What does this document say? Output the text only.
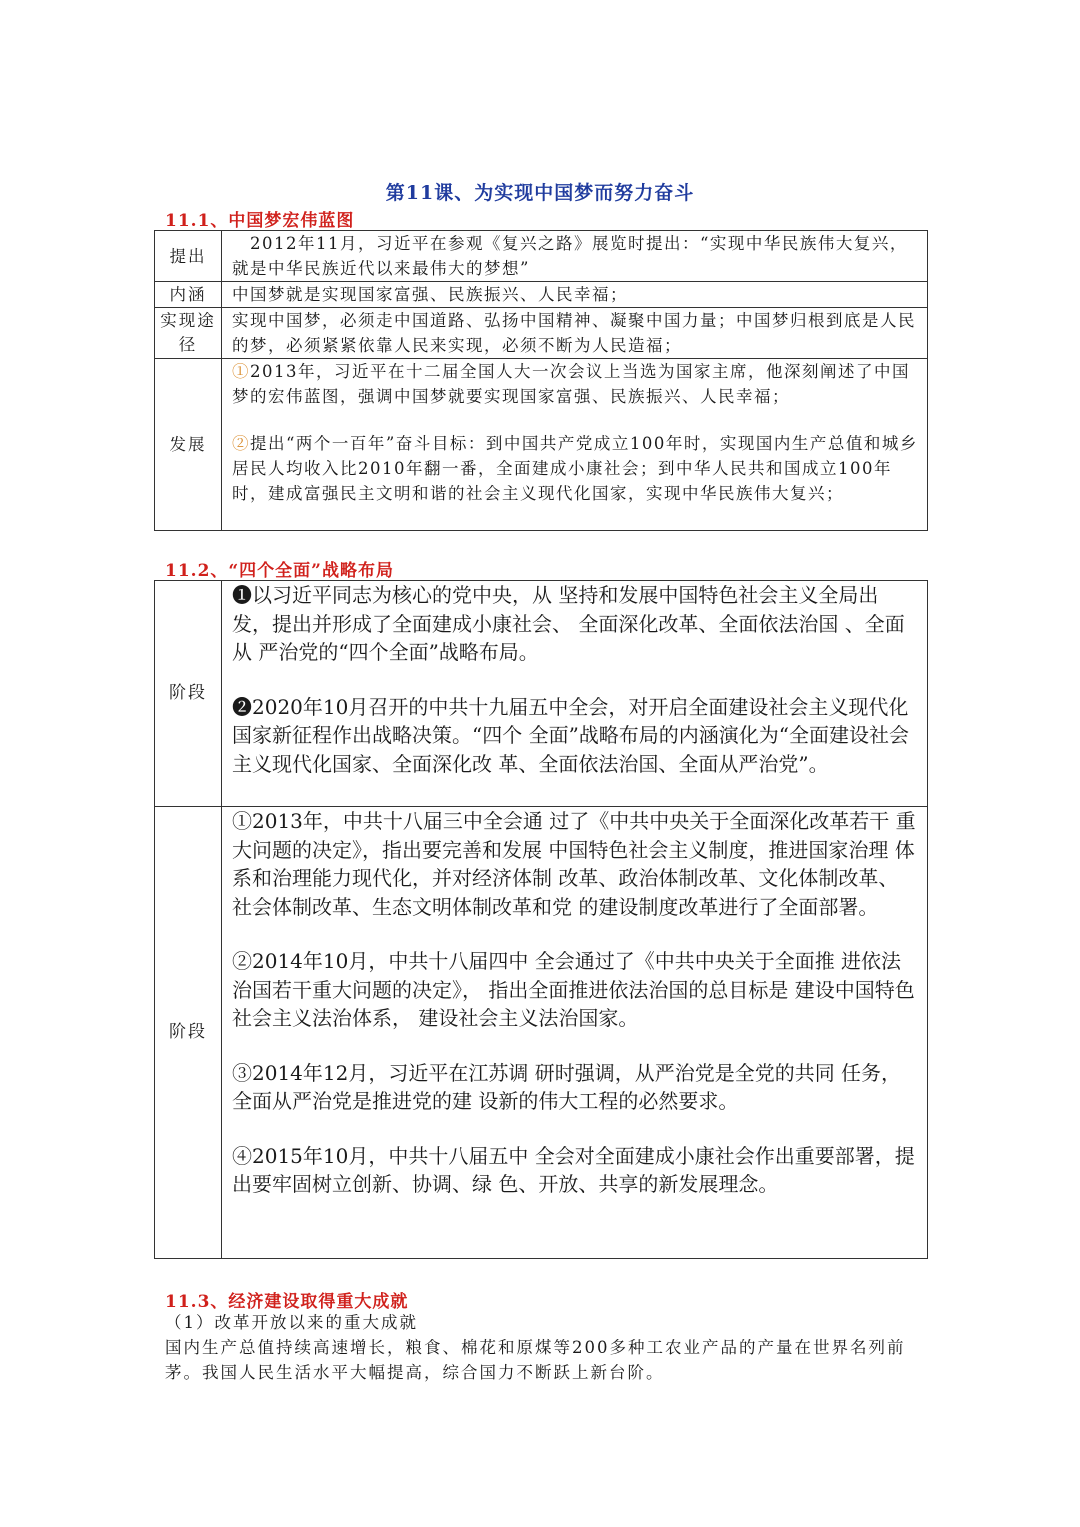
第11课、为实现中国梦而努力奋斗
11.1、中国梦宏伟蓝图
提出	　2012年11月，习近平在参观《复兴之路》展览时提出：“实现中华民族伟大复兴，就是中华民族近代以来最伟大的梦想”
内涵	中国梦就是实现国家富强、民族振兴、人民幸福；
实现途径	实现中国梦，必须走中国道路、弘扬中国精神、凝聚中国力量；中国梦归根到底是人民的梦，必须紧紧依靠人民来实现，必须不断为人民造福；
发展	①2013年，习近平在十二届全国人大一次会议上当选为国家主席，他深刻阐述了中国梦的宏伟蓝图，强调中国梦就要实现国家富强、民族振兴、人民幸福；
②提出“两个一百年”奋斗目标：到中国共产党成立100年时，实现国内生产总值和城乡居民人均收入比2010年翻一番，全面建成小康社会；到中华人民共和国成立100年时，建成富强民主文明和谐的社会主义现代化国家，实现中华民族伟大复兴；
11.2、“四个全面”战略布局
阶段	❶以习近平同志为核心的党中央，从 坚持和发展中国特色社会主义全局出 发，提出并形成了全面建成小康社会、 全面深化改革、全面依法治国 、全面从 严治党的“四个全面”战略布局。
❷2020年10月召开的中共十九届五中全会，对开启全面建设社会主义现代化国家新征程作出战略决策。“四个 全面”战略布局的内涵演化为“全面建设社会主义现代化国家、全面深化改 革、全面依法治国、全面从严治党”。

阶段	①2013年，中共十八届三中全会通 过了《中共中央关于全面深化改革若干 重大问题的决定》，指出要完善和发展 中国特色社会主义制度，推进国家治理 体系和治理能力现代化，并对经济体制 改革、政治体制改革、文化体制改革、 社会体制改革、生态文明体制改革和党 的建设制度改革进行了全面部署。
②2014年10月，中共十八届四中 全会通过了《中共中央关于全面推 进依法治国若干重大问题的决定》， 指出全面推进依法治国的总目标是 建设中国特色社会主义法治体系， 建设社会主义法治国家。
③2014年12月，习近平在江苏调 研时强调，从严治党是全党的共同 任务，全面从严治党是推进党的建 设新的伟大工程的必然要求。
④2015年10月，中共十八届五中 全会对全面建成小康社会作出重要部署，提出要牢固树立创新、协调、绿 色、开放、共享的新发展理念。
11.3、经济建设取得重大成就
（1）改革开放以来的重大成就
国内生产总值持续高速增长，粮食、棉花和原煤等200多种工农业产品的产量在世界名列前茅。我国人民生活水平大幅提高，综合国力不断跃上新台阶。
